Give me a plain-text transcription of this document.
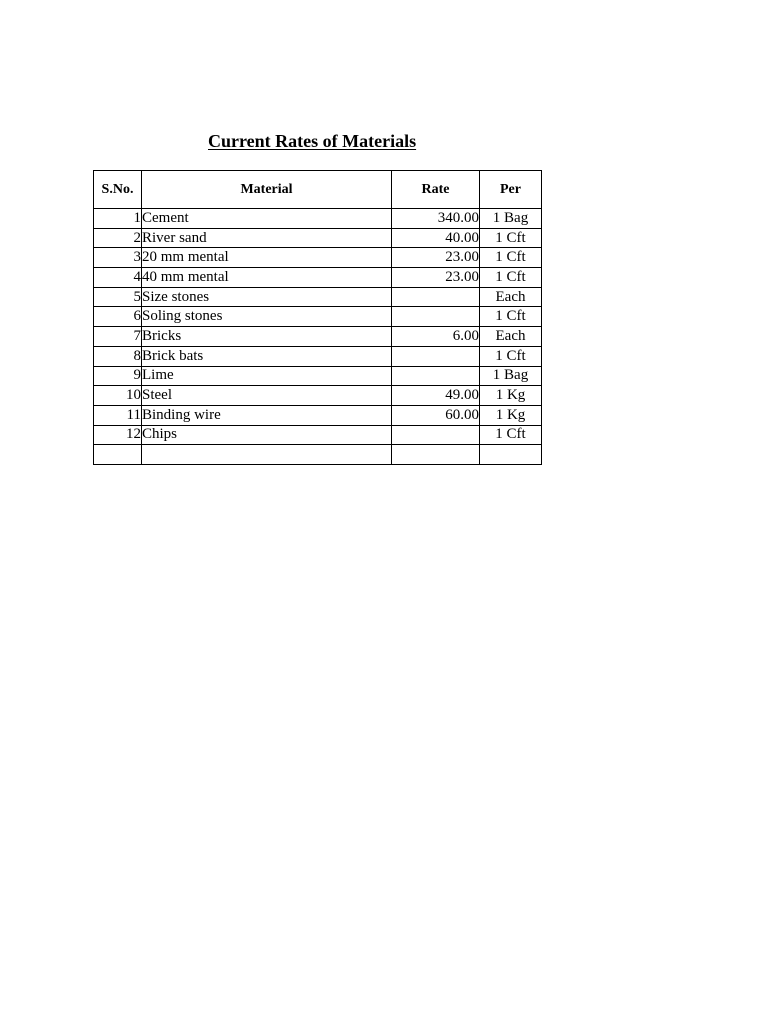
Current Rates of Materials
S.No.	Material	Rate	Per
1	Cement	340.00	1 Bag
2	River sand	40.00	1 Cft
3	20 mm mental	23.00	1 Cft
4	40 mm mental	23.00	1 Cft
5	Size stones		Each
6	Soling stones		1 Cft
7	Bricks	6.00	Each
8	Brick bats		1 Cft
9	Lime		1 Bag
10	Steel	49.00	1 Kg
11	Binding wire	60.00	1 Kg
12	Chips		1 Cft
